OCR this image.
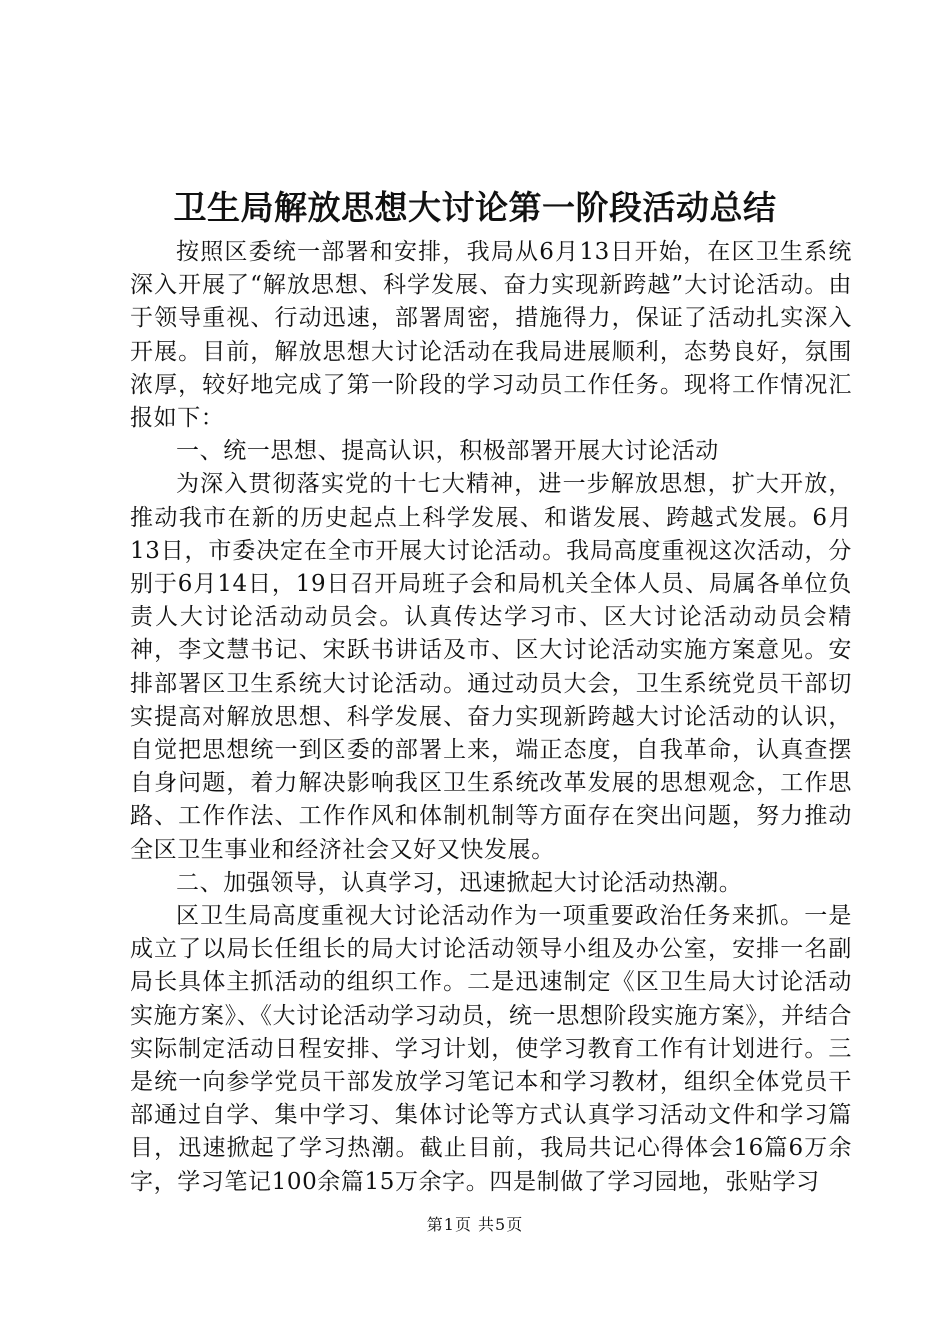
卫生局解放思想大讨论第一阶段活动总结

按照区委统一部署和安排，我局从6月13日开始，在区卫生系统深入开展了“解放思想、科学发展、奋力实现新跨越”大讨论活动。由于领导重视、行动迅速，部署周密，措施得力，保证了活动扎实深入开展。目前，解放思想大讨论活动在我局进展顺利，态势良好，氛围浓厚，较好地完成了第一阶段的学习动员工作任务。现将工作情况汇报如下：

一、统一思想、提高认识，积极部署开展大讨论活动

为深入贯彻落实党的十七大精神，进一步解放思想，扩大开放，推动我市在新的历史起点上科学发展、和谐发展、跨越式发展。6月13日，市委决定在全市开展大讨论活动。我局高度重视这次活动，分别于6月14日，19日召开局班子会和局机关全体人员、局属各单位负责人大讨论活动动员会。认真传达学习市、区大讨论活动动员会精神，李文慧书记、宋跃书讲话及市、区大讨论活动实施方案意见。安排部署区卫生系统大讨论活动。通过动员大会，卫生系统党员干部切实提高对解放思想、科学发展、奋力实现新跨越大讨论活动的认识，自觉把思想统一到区委的部署上来，端正态度，自我革命，认真查摆自身问题，着力解决影响我区卫生系统改革发展的思想观念，工作思路、工作作法、工作作风和体制机制等方面存在突出问题，努力推动全区卫生事业和经济社会又好又快发展。

二、加强领导，认真学习，迅速掀起大讨论活动热潮。

区卫生局高度重视大讨论活动作为一项重要政治任务来抓。一是成立了以局长任组长的局大讨论活动领导小组及办公室，安排一名副局长具体主抓活动的组织工作。二是迅速制定《区卫生局大讨论活动实施方案》、《大讨论活动学习动员，统一思想阶段实施方案》，并结合实际制定活动日程安排、学习计划，使学习教育工作有计划进行。三是统一向参学党员干部发放学习笔记本和学习教材，组织全体党员干部通过自学、集中学习、集体讨论等方式认真学习活动文件和学习篇目，迅速掀起了学习热潮。截止目前，我局共记心得体会16篇6万余字，学习笔记100余篇15万余字。四是制做了学习园地，张贴学习

第1页 共5页
